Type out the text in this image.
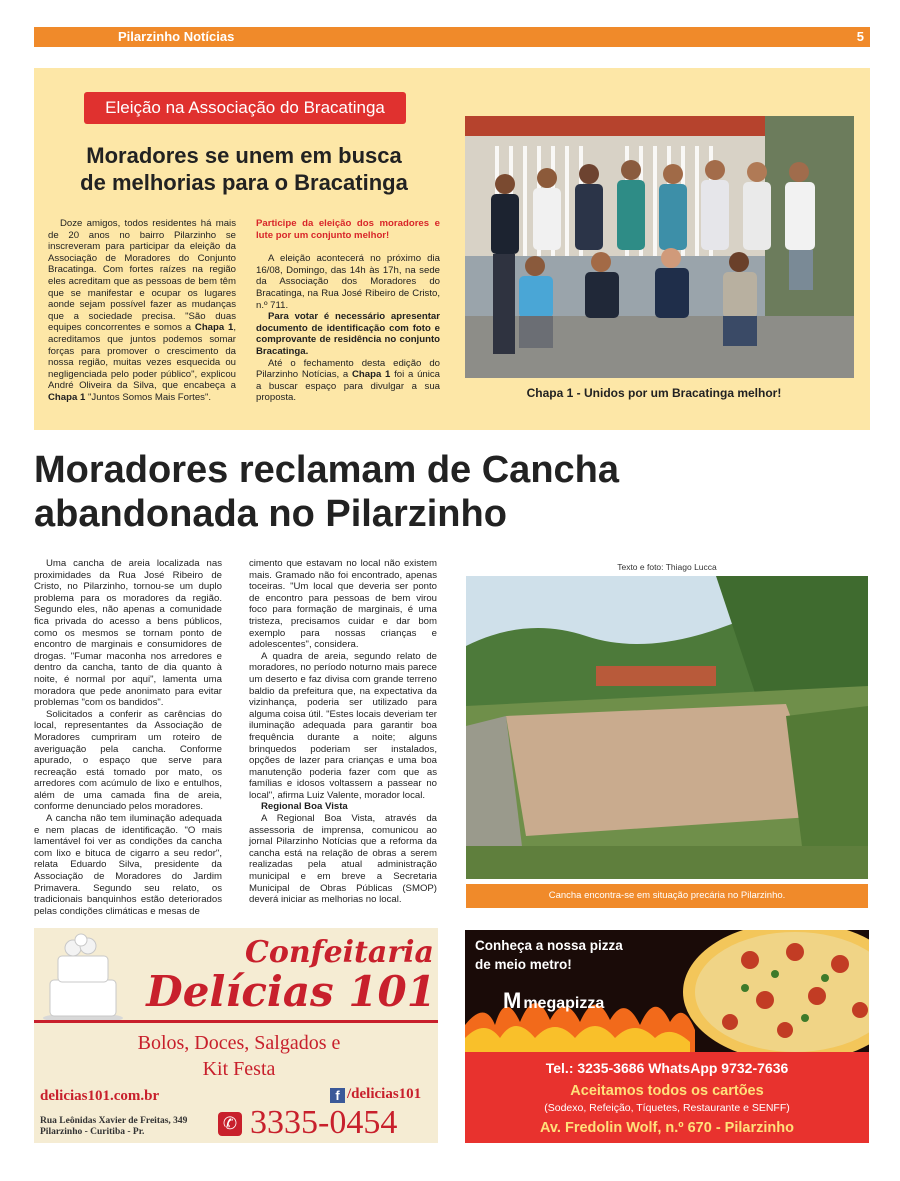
Pilarzinho Notícias	5
Eleição na Associação do Bracatinga
Moradores se unem em busca
de melhorias para o Bracatinga

Doze amigos, todos residentes há mais de 20 anos no bairro Pilarzinho se inscreveram para participar da eleição da Associação de Moradores do Conjunto Bracatinga. Com fortes raízes na região eles acreditam que as pessoas de bem têm que se manifestar e ocupar os lugares aonde sejam possível fazer as mudanças que a sociedade precisa. "São duas equipes concorrentes e somos a Chapa 1, acreditamos que juntos podemos somar forças para promover o crescimento da nossa região, muitas vezes esquecida ou negligenciada pelo poder público", explicou André Oliveira da Silva, que encabeça a Chapa 1 "Juntos Somos Mais Fortes".

Participe da eleição dos moradores e lute por um conjunto melhor!

A eleição acontecerá no próximo dia 16/08, Domingo, das 14h às 17h, na sede da Associação dos Moradores do Bracatinga, na Rua José Ribeiro de Cristo, n.º 711.

Para votar é necessário apresentar documento de identificação com foto e comprovante de residência no conjunto Bracatinga.

Até o fechamento desta edição do Pilarzinho Notícias, a Chapa 1 foi a única a buscar espaço para divulgar a sua proposta.	Chapa 1 - Unidos por um Bracatinga melhor!
Moradores reclamam de Cancha
abandonada no Pilarzinho

Uma cancha de areia localizada nas proximidades da Rua José Ribeiro de Cristo, no Pilarzinho, tornou-se um duplo problema para os moradores da região. Segundo eles, não apenas a comunidade fica privada do acesso a bens públicos, como os mesmos se tornam ponto de encontro de marginais e consumidores de drogas. "Fumar maconha nos arredores e dentro da cancha, tanto de dia quanto à noite, é normal por aqui", lamenta uma moradora que pede anonimato para evitar problemas "com os bandidos".

Solicitados a conferir as carências do local, representantes da Associação de Moradores cumpriram um roteiro de averiguação pela cancha. Conforme apurado, o espaço que serve para recreação está tomado por mato, os arredores com acúmulo de lixo e entulhos, além de uma camada fina de areia, conforme denunciado pelos moradores.

A cancha não tem iluminação adequada e nem placas de identificação. "O mais lamentável foi ver as condições da cancha com lixo e bituca de cigarro a seu redor", relata Eduardo Silva, presidente da Associação de Moradores do Jardim Primavera. Segundo seu relato, os tradicionais banquinhos estão deteriorados pelas condições climáticas e mesas de

cimento que estavam no local não existem mais. Gramado não foi encontrado, apenas toceiras. "Um local que deveria ser ponto de encontro para pessoas de bem virou foco para formação de marginais, é uma tristeza, precisamos cuidar e dar bom exemplo para nossas crianças e adolescentes", considera.

A quadra de areia, segundo relato de moradores, no período noturno mais parece um deserto e faz divisa com grande terreno baldio da prefeitura que, na expectativa da vizinhança, poderia ser utilizado para alguma coisa útil. "Estes locais deveriam ter iluminação adequada para garantir boa frequência durante a noite; alguns brinquedos poderiam ser instalados, opções de lazer para crianças e uma boa manutenção poderia fazer com que as famílias e idosos voltassem a passear no local", afirma Luiz Valente, morador local.

Regional Boa Vista

A Regional Boa Vista, através da assessoria de imprensa, comunicou ao jornal Pilarzinho Notícias que a reforma da cancha está na relação de obras a serem realizadas pela atual administração municipal e em breve a Secretaria Municipal de Obras Públicas (SMOP) deverá iniciar as melhorias no local.

Texto e foto: Thiago Lucca
Cancha encontra-se em situação precária no Pilarzinho.
Confeitaria
Delícias 101
Bolos, Doces, Salgados e
Kit Festa
delicias101.com.br	f /delicias101
Rua Leônidas Xavier de Freitas, 349
Pilarzinho - Curitiba - Pr.	✆ 3335-0454
Conheça a nossa pizza
de meio metro!
M megapizza
Tel.: 3235-3686 WhatsApp 9732-7636
Aceitamos todos os cartões
(Sodexo, Refeição, Tíquetes, Restaurante e SENFF)
Av. Fredolin Wolf, n.º 670 - Pilarzinho
